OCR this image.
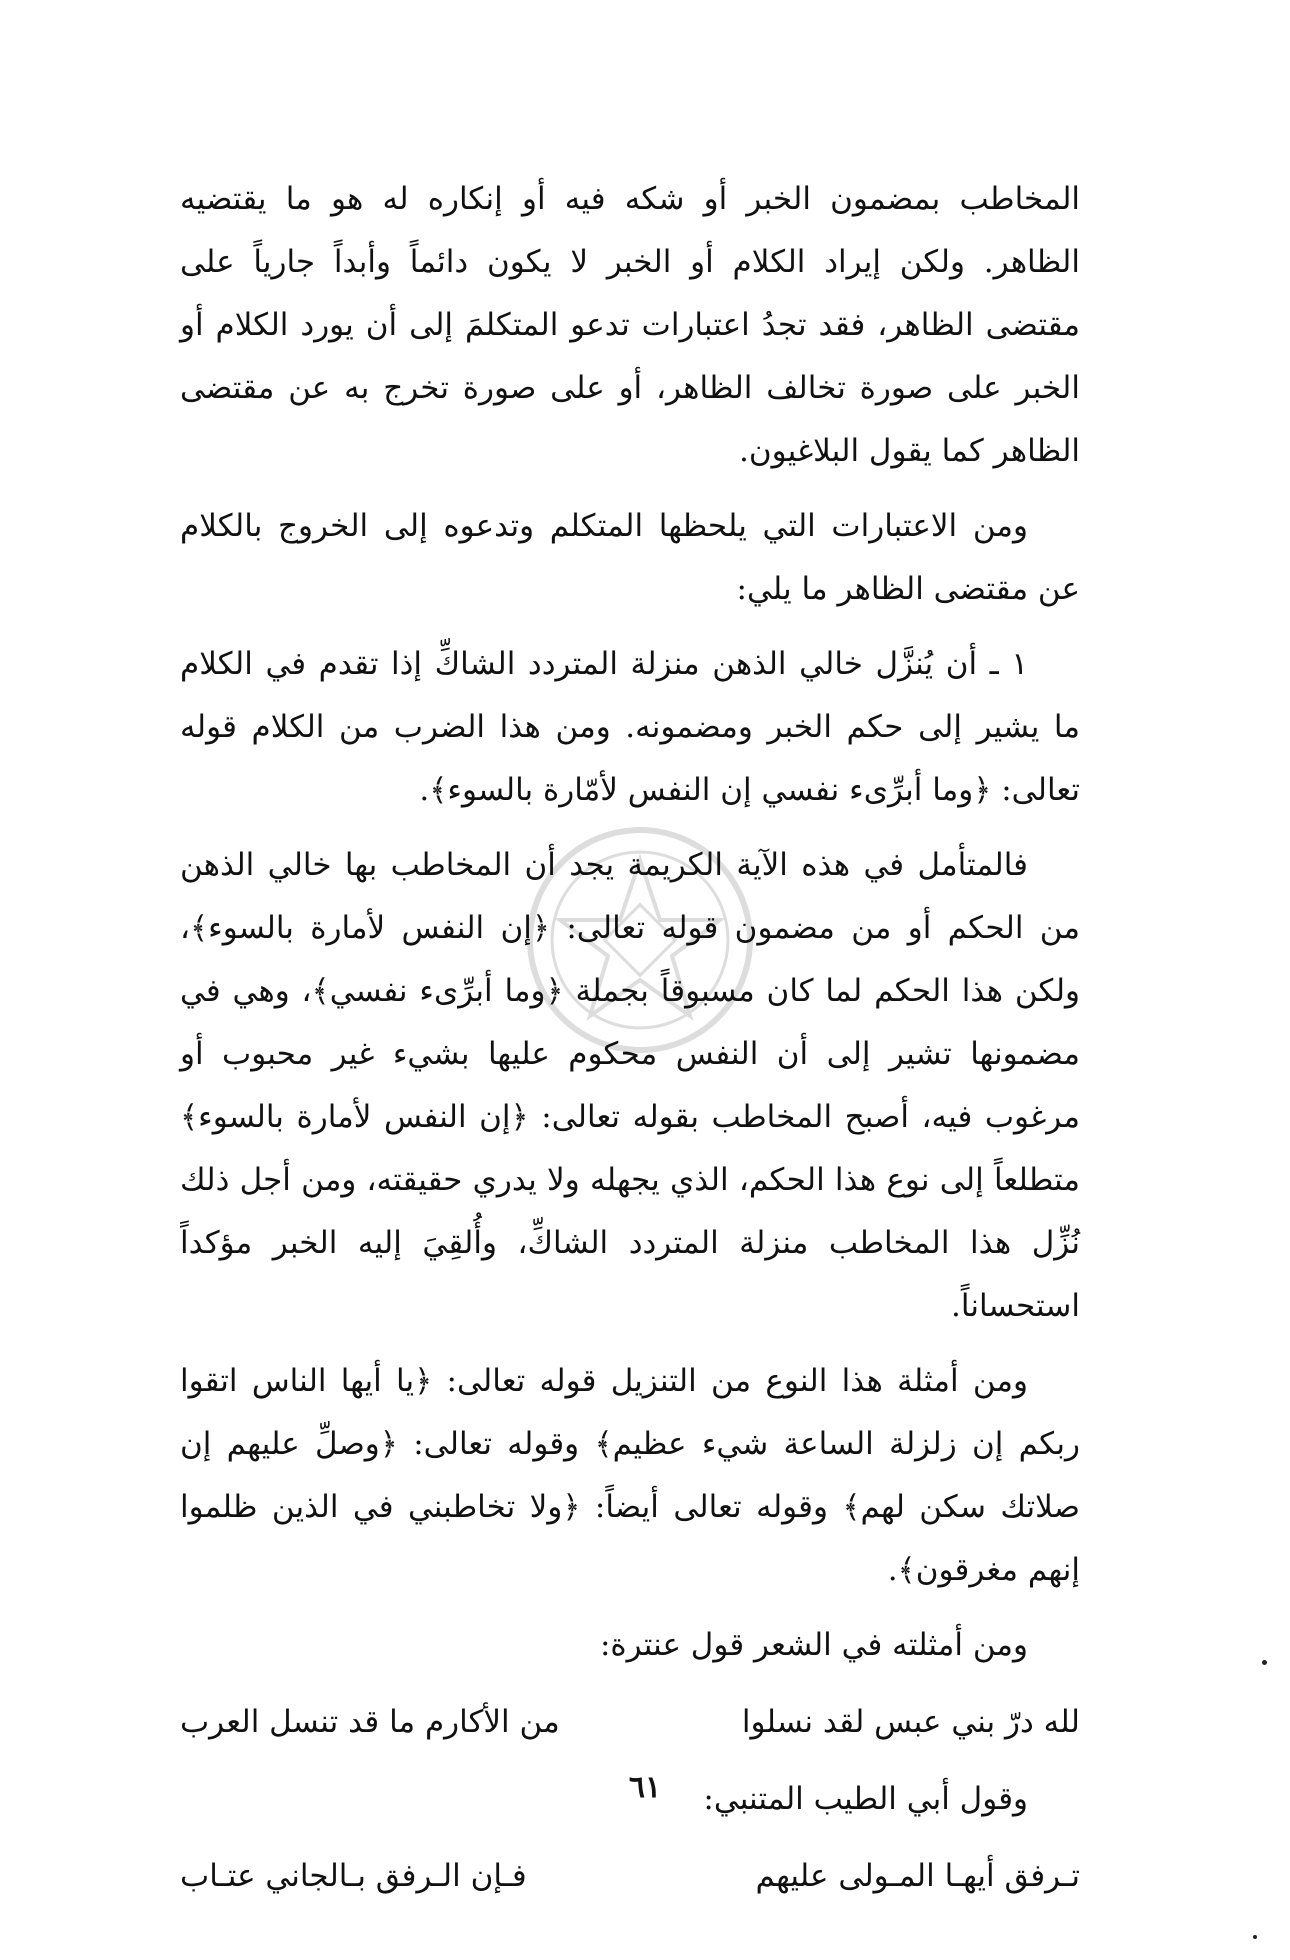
المخاطب بمضمون الخبر أو شكه فيه أو إنكاره له هو ما يقتضيه الظاهر. ولكن إيراد الكلام أو الخبر لا يكون دائماً وأبداً جارياً على مقتضى الظاهر، فقد تجدُ اعتبارات تدعو المتكلمَ إلى أن يورد الكلام أو الخبر على صورة تخالف الظاهر، أو على صورة تخرج به عن مقتضى الظاهر كما يقول البلاغيون.

ومن الاعتبارات التي يلحظها المتكلم وتدعوه إلى الخروج بالكلام عن مقتضى الظاهر ما يلي:

١ ـ أن يُنزَّل خالي الذهن منزلة المتردد الشاكِّ إذا تقدم في الكلام ما يشير إلى حكم الخبر ومضمونه. ومن هذا الضرب من الكلام قوله تعالى: ﴿وما أبرِّىء نفسي إن النفس لأمّارة بالسوء﴾.

فالمتأمل في هذه الآية الكريمة يجد أن المخاطب بها خالي الذهن من الحكم أو من مضمون قوله تعالى: ﴿إن النفس لأمارة بالسوء﴾، ولكن هذا الحكم لما كان مسبوقاً بجملة ﴿وما أبرِّىء نفسي﴾، وهي في مضمونها تشير إلى أن النفس محكوم عليها بشيء غير محبوب أو مرغوب فيه، أصبح المخاطب بقوله تعالى: ﴿إن النفس لأمارة بالسوء﴾ متطلعاً إلى نوع هذا الحكم، الذي يجهله ولا يدري حقيقته، ومن أجل ذلك نُزِّل هذا المخاطب منزلة المتردد الشاكِّ، وأُلقِيَ إليه الخبر مؤكداً استحساناً.

ومن أمثلة هذا النوع من التنزيل قوله تعالى: ﴿يا أيها الناس اتقوا ربكم إن زلزلة الساعة شيء عظيم﴾ وقوله تعالى: ﴿وصلِّ عليهم إن صلاتك سكن لهم﴾ وقوله تعالى أيضاً: ﴿ولا تخاطبني في الذين ظلموا إنهم مغرقون﴾.

ومن أمثلته في الشعر قول عنترة:

لله درّ بني عبس لقد نسلوا
من الأكارم ما قد تنسل العرب

وقول أبي الطيب المتنبي:

تـرفق أيهـا المـولى عليهم
فـإن الـرفق بـالجاني عتـاب
٦١
